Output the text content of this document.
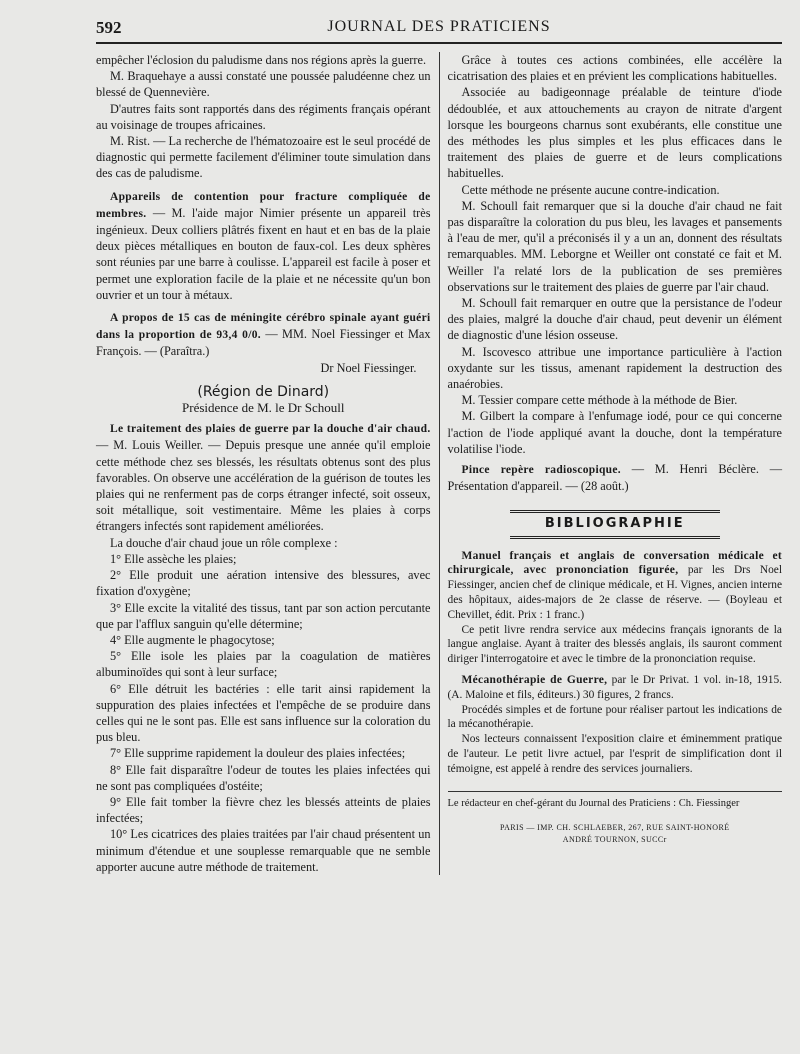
592	JOURNAL DES PRATICIENS

empêcher l'éclosion du paludisme dans nos régions après la guerre.

M. Braquehaye a aussi constaté une poussée paludéenne chez un blessé de Quennevière.

D'autres faits sont rapportés dans des régiments français opérant au voisinage de troupes africaines.

M. Rist. — La recherche de l'hématozoaire est le seul procédé de diagnostic qui permette facilement d'éliminer toute simulation dans des cas de paludisme.

Appareils de contention pour fracture compliquée de membres. — M. l'aide major Nimier présente un appareil très ingénieux. Deux colliers plâtrés fixent en haut et en bas de la plaie deux pièces métalliques en bouton de faux-col. Les deux sphères sont réunies par une barre à coulisse. L'appareil est facile à poser et permet une exploration facile de la plaie et ne nécessite qu'un bon ouvrier et un tour à métaux.

A propos de 15 cas de méningite cérébro spinale ayant guéri dans la proportion de 93,4 0/0. — MM. Noel Fiessinger et Max François. — (Paraîtra.)

Dr Noel Fiessinger.
(Région de Dinard)
Présidence de M. le Dr Schoull

Le traitement des plaies de guerre par la douche d'air chaud. — M. Louis Weiller. — Depuis presque une année qu'il emploie cette méthode chez ses blessés, les résultats obtenus sont des plus favorables. On observe une accélération de la guérison de toutes les plaies qui ne renferment pas de corps étranger infecté, soit osseux, soit métallique, soit vestimentaire. Même les plaies à corps étrangers infectés sont rapidement améliorées.

La douche d'air chaud joue un rôle complexe :

1° Elle assèche les plaies;

2° Elle produit une aération intensive des blessures, avec fixation d'oxygène;

3° Elle excite la vitalité des tissus, tant par son action percutante que par l'afflux sanguin qu'elle détermine;

4° Elle augmente le phagocytose;

5° Elle isole les plaies par la coagulation de matières albuminoïdes qui sont à leur surface;

6° Elle détruit les bactéries : elle tarit ainsi rapidement la suppuration des plaies infectées et l'empêche de se produire dans celles qui ne le sont pas. Elle est sans influence sur la coloration du pus bleu.

7° Elle supprime rapidement la douleur des plaies infectées;

8° Elle fait disparaître l'odeur de toutes les plaies infectées qui ne sont pas compliquées d'ostéite;

9° Elle fait tomber la fièvre chez les blessés atteints de plaies infectées;

10° Les cicatrices des plaies traitées par l'air chaud présentent un minimum d'étendue et une souplesse remarquable que ne semble apporter aucune autre méthode de traitement.

Grâce à toutes ces actions combinées, elle accélère la cicatrisation des plaies et en prévient les complications habituelles.

Associée au badigeonnage préalable de teinture d'iode dédoublée, et aux attouchements au crayon de nitrate d'argent lorsque les bourgeons charnus sont exubérants, elle constitue une des méthodes les plus simples et les plus efficaces dans le traitement des plaies de guerre et de leurs complications habituelles.

Cette méthode ne présente aucune contre-indication.

M. Schoull fait remarquer que si la douche d'air chaud ne fait pas disparaître la coloration du pus bleu, les lavages et pansements à l'eau de mer, qu'il a préconisés il y a un an, donnent des résultats remarquables. MM. Leborgne et Weiller ont constaté ce fait et M. Weiller l'a relaté lors de la publication de ses premières observations sur le traitement des plaies de guerre par l'air chaud.

M. Schoull fait remarquer en outre que la persistance de l'odeur des plaies, malgré la douche d'air chaud, peut devenir un élément de diagnostic d'une lésion osseuse.

M. Iscovesco attribue une importance particulière à l'action oxydante sur les tissus, amenant rapidement la destruction des anaérobies.

M. Tessier compare cette méthode à la méthode de Bier.

M. Gilbert la compare à l'enfumage iodé, pour ce qui concerne l'action de l'iode appliqué avant la douche, dont la température volatilise l'iode.

Pince repère radioscopique. — M. Henri Béclère. — Présentation d'appareil. — (28 août.)

BIBLIOGRAPHIE

Manuel français et anglais de conversation médicale et chirurgicale, avec prononciation figurée, par les Drs Noel Fiessinger, ancien chef de clinique médicale, et H. Vignes, ancien interne des hôpitaux, aides-majors de 2e classe de réserve. — (Boyleau et Chevillet, édit. Prix : 1 franc.)

Ce petit livre rendra service aux médecins français ignorants de la langue anglaise. Ayant à traiter des blessés anglais, ils sauront comment diriger l'interrogatoire et avec le timbre de la prononciation requise.

Mécanothérapie de Guerre, par le Dr Privat. 1 vol. in-18, 1915. (A. Maloine et fils, éditeurs.) 30 figures, 2 francs.

Procédés simples et de fortune pour réaliser partout les indications de la mécanothérapie.

Nos lecteurs connaissent l'exposition claire et éminemment pratique de l'auteur. Le petit livre actuel, par l'esprit de simplification dont il témoigne, est appelé à rendre des services journaliers.

Le rédacteur en chef-gérant du Journal des Praticiens : Ch. Fiessinger
PARIS — IMP. CH. SCHLAEBER, 267, RUE SAINT-HONORÉ
ANDRÉ TOURNON, SUCCr
